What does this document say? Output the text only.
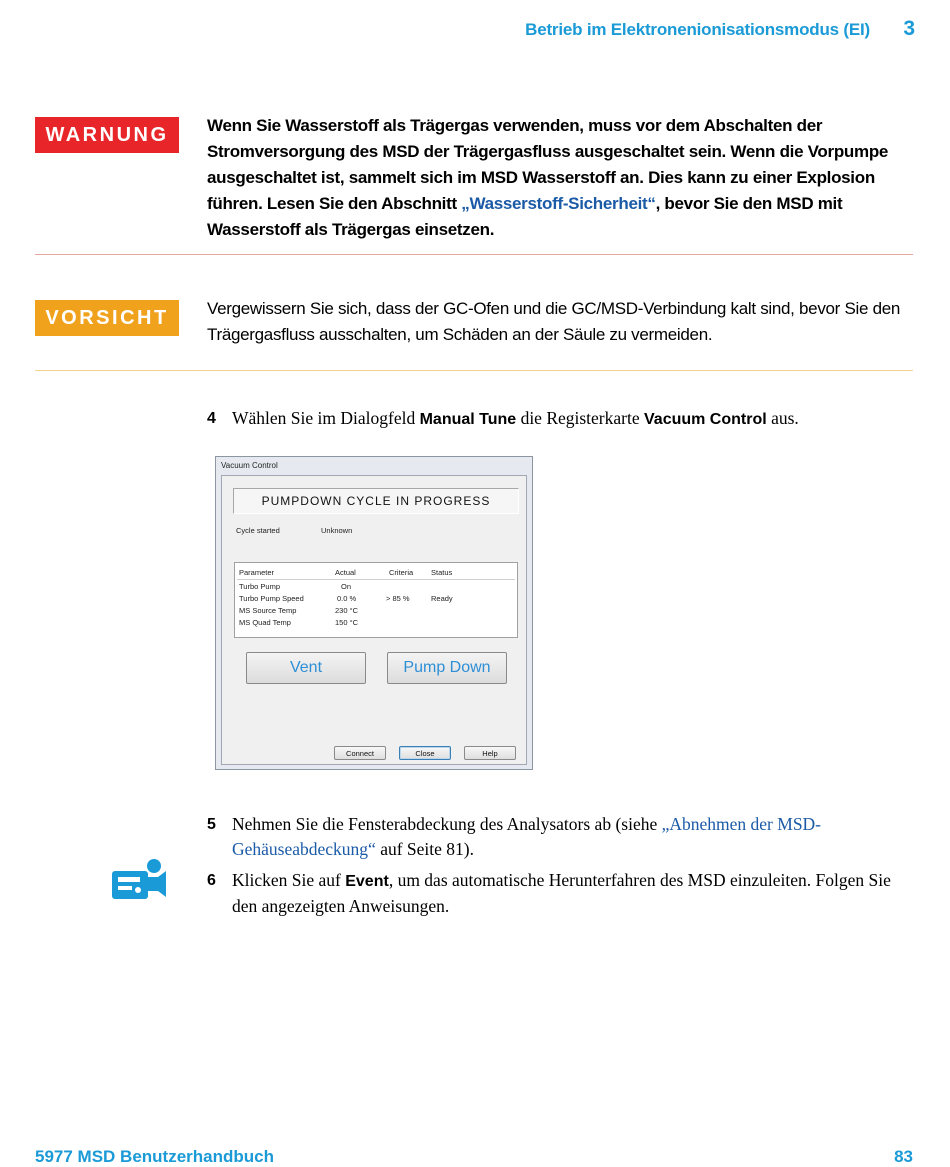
Betrieb im Elektronenionisationsmodus (EI)	3
WARNUNG	Wenn Sie Wasserstoff als Trägergas verwenden, muss vor dem Abschalten der Stromversorgung des MSD der Trägergasfluss ausgeschaltet sein. Wenn die Vorpumpe ausgeschaltet ist, sammelt sich im MSD Wasserstoff an. Dies kann zu einer Explosion führen. Lesen Sie den Abschnitt „Wasserstoff-Sicherheit“, bevor Sie den MSD mit Wasserstoff als Trägergas einsetzen.
VORSICHT	Vergewissern Sie sich, dass der GC-Ofen und die GC/MSD-Verbindung kalt sind, bevor Sie den Trägergasfluss ausschalten, um Schäden an der Säule zu vermeiden.
4 Wählen Sie im Dialogfeld Manual Tune die Registerkarte Vacuum Control aus.
Vacuum Control
PUMPDOWN CYCLE IN PROGRESS
Cycle started	Unknown
Parameter	Actual	Criteria Status
Turbo Pump	On
Turbo Pump Speed	0.0 %	> 85 %	Ready
MS Source Temp	230 °C
MS Quad Temp	150 °C
Vent	Pump Down
Connect	Close	Help
5 Nehmen Sie die Fensterabdeckung des Analysators ab (siehe „Abnehmen der MSD-Gehäuseabdeckung“ auf Seite 81).
6 Klicken Sie auf Event, um das automatische Herunterfahren des MSD einzuleiten. Folgen Sie den angezeigten Anweisungen.
5977 MSD Benutzerhandbuch	83
